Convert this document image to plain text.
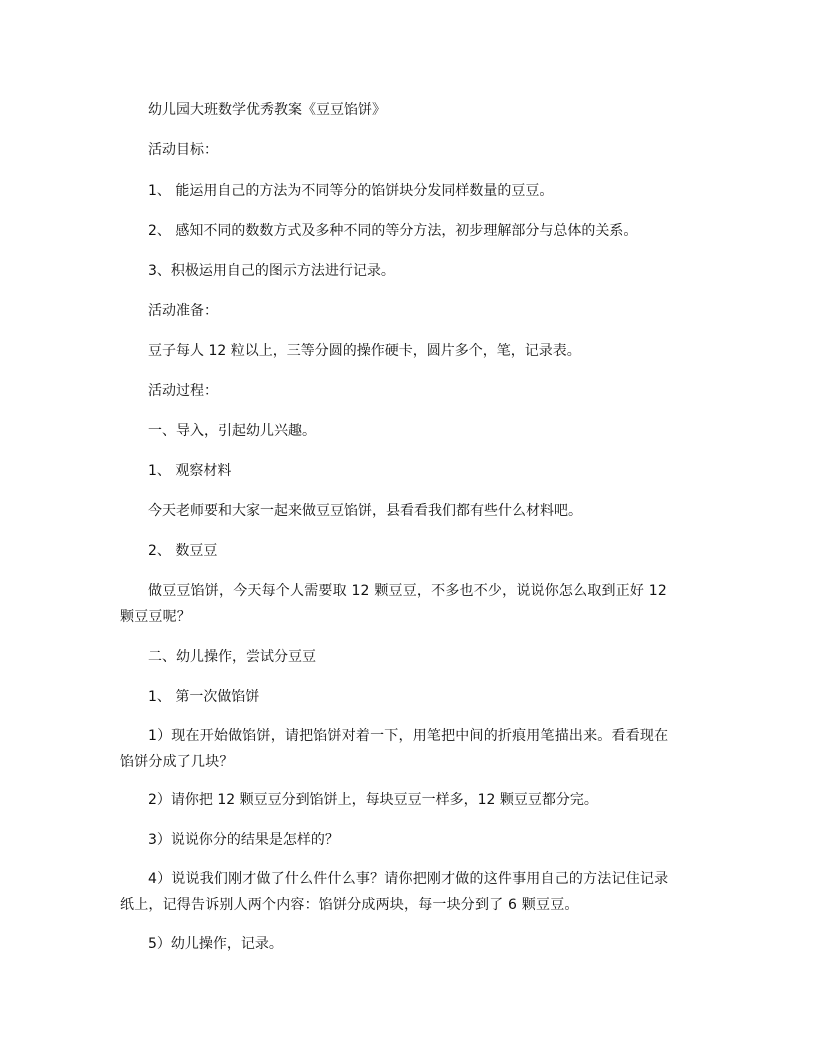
幼儿园大班数学优秀教案《豆豆馅饼》
活动目标：
1、 能运用自己的方法为不同等分的馅饼块分发同样数量的豆豆。
2、 感知不同的数数方式及多种不同的等分方法，初步理解部分与总体的关系。
3、积极运用自己的图示方法进行记录。
活动准备：
豆子每人 12 粒以上，三等分圆的操作硬卡，圆片多个，笔，记录表。
活动过程：
一、导入，引起幼儿兴趣。
1、 观察材料
今天老师要和大家一起来做豆豆馅饼，县看看我们都有些什么材料吧。
2、 数豆豆
做豆豆馅饼，今天每个人需要取 12 颗豆豆，不多也不少，说说你怎么取到正好 12 颗豆豆呢？
二、幼儿操作，尝试分豆豆
1、 第一次做馅饼
1）现在开始做馅饼，请把馅饼对着一下，用笔把中间的折痕用笔描出来。看看现在馅饼分成了几块？
2）请你把 12 颗豆豆分到馅饼上，每块豆豆一样多，12 颗豆豆都分完。
3）说说你分的结果是怎样的？
4）说说我们刚才做了什么件什么事？请你把刚才做的这件事用自己的方法记住记录纸上，记得告诉别人两个内容：馅饼分成两块，每一块分到了 6 颗豆豆。
5）幼儿操作，记录。
